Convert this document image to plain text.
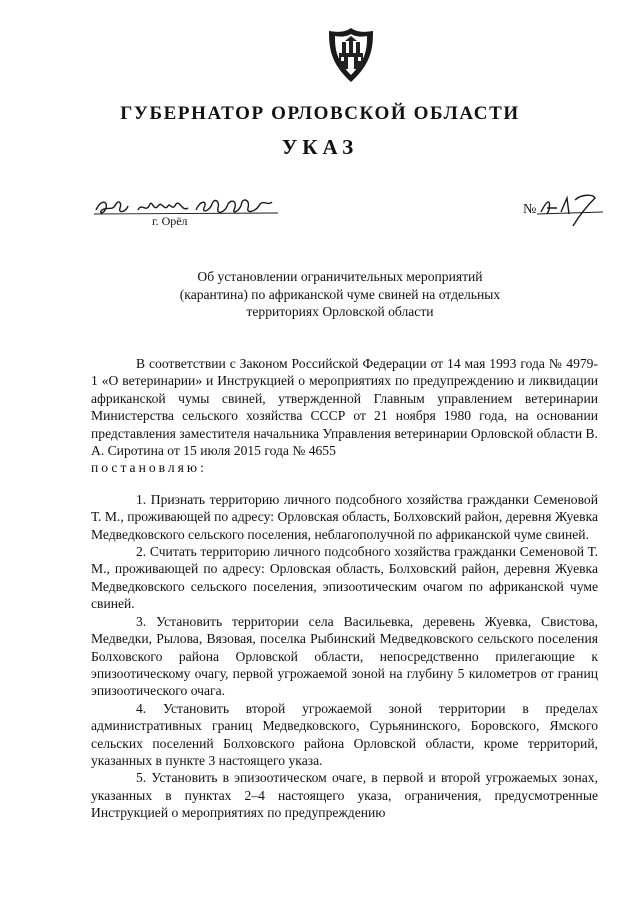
ГУБЕРНАТОР ОРЛОВСКОЙ ОБЛАСТИ
УКАЗ
г. Орёл
№
Об установлении ограничительных мероприятий
(карантина) по африканской чуме свиней на отдельных
территориях Орловской области

В соответствии с Законом Российской Федерации от 14 мая 1993 года № 4979-1 «О ветеринарии» и Инструкцией о мероприятиях по предупреждению и ликвидации африканской чумы свиней, утвержденной Главным управлением ветеринарии Министерства сельского хозяйства СССР от 21 ноября 1980 года, на основании представления заместителя начальника Управления ветеринарии Орловской области В. А. Сиротина от 15 июля 2015 года № 4655
постановляю:

1. Признать территорию личного подсобного хозяйства гражданки Семеновой Т. М., проживающей по адресу: Орловская область, Болховский район, деревня Жуевка Медведковского сельского поселения, неблагополучной по африканской чуме свиней.

2. Считать территорию личного подсобного хозяйства гражданки Семеновой Т. М., проживающей по адресу: Орловская область, Болховский район, деревня Жуевка Медведковского сельского поселения, эпизоотическим очагом по африканской чуме свиней.

3. Установить территории села Васильевка, деревень Жуевка, Свистова, Медведки, Рылова, Вязовая, поселка Рыбинский Медведковского сельского поселения Болховского района Орловской области, непосредственно прилегающие к эпизоотическому очагу, первой угрожаемой зоной на глубину 5 километров от границ эпизоотического очага.

4. Установить второй угрожаемой зоной территории в пределах административных границ Медведковского, Сурьянинского, Боровского, Ямского сельских поселений Болховского района Орловской области, кроме территорий, указанных в пункте 3 настоящего указа.

5. Установить в эпизоотическом очаге, в первой и второй угрожаемых зонах, указанных в пунктах 2–4 настоящего указа, ограничения, предусмотренные Инструкцией о мероприятиях по предупреждению
